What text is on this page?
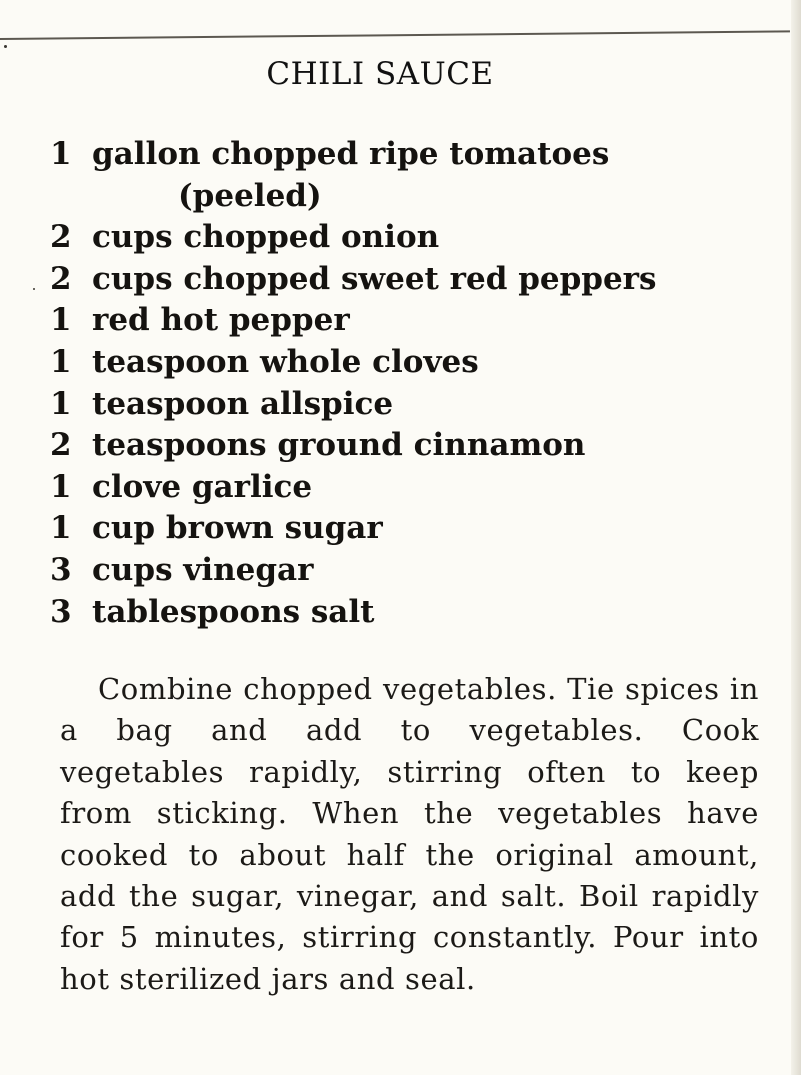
CHILI SAUCE
1 gallon chopped ripe tomatoes
(peeled)
2 cups chopped onion
2 cups chopped sweet red peppers
1 red hot pepper
1 teaspoon whole cloves
1 teaspoon allspice
2 teaspoons ground cinnamon
1 clove garlice
1 cup brown sugar
3 cups vinegar
3 tablespoons salt

Combine chopped vegetables. Tie spices in a bag and add to vegetables. Cook vegetables rapidly, stirring often to keep from sticking. When the vegetables have cooked to about half the original amount, add the sugar, vinegar, and salt. Boil rapidly for 5 minutes, stirring constantly. Pour into hot sterilized jars and seal.
